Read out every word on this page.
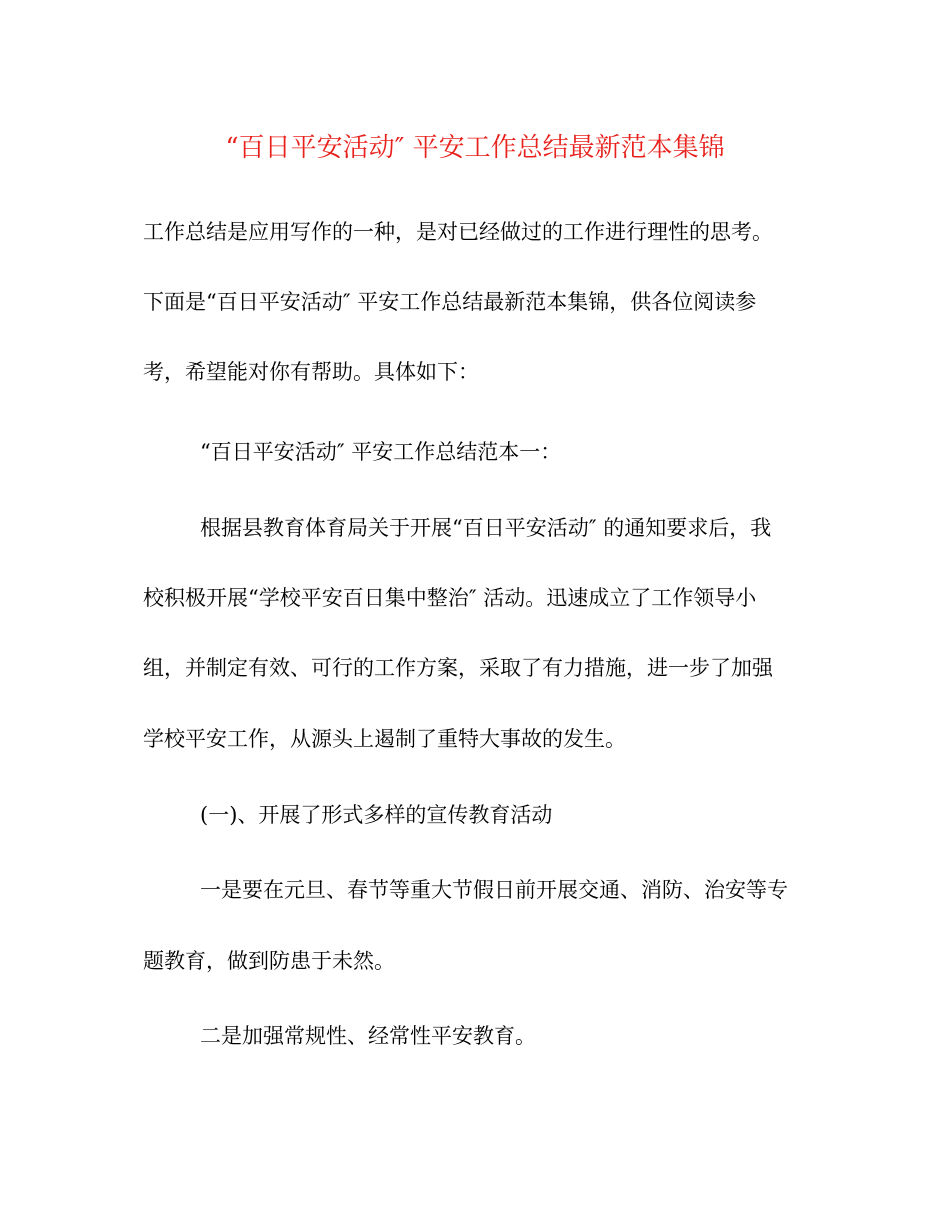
“百日平安活动″ 平安工作总结最新范本集锦

工作总结是应用写作的一种，是对已经做过的工作进行理性的思考。

下面是“百日平安活动″ 平安工作总结最新范本集锦，供各位阅读参

考，希望能对你有帮助。具体如下：

“百日平安活动″ 平安工作总结范本一：

根据县教育体育局关于开展“百日平安活动″ 的通知要求后，我

校积极开展“学校平安百日集中整治″ 活动。迅速成立了工作领导小

组，并制定有效、可行的工作方案，采取了有力措施，进一步了加强

学校平安工作，从源头上遏制了重特大事故的发生。

(一)、开展了形式多样的宣传教育活动

一是要在元旦、春节等重大节假日前开展交通、消防、治安等专

题教育，做到防患于未然。

二是加强常规性、经常性平安教育。
